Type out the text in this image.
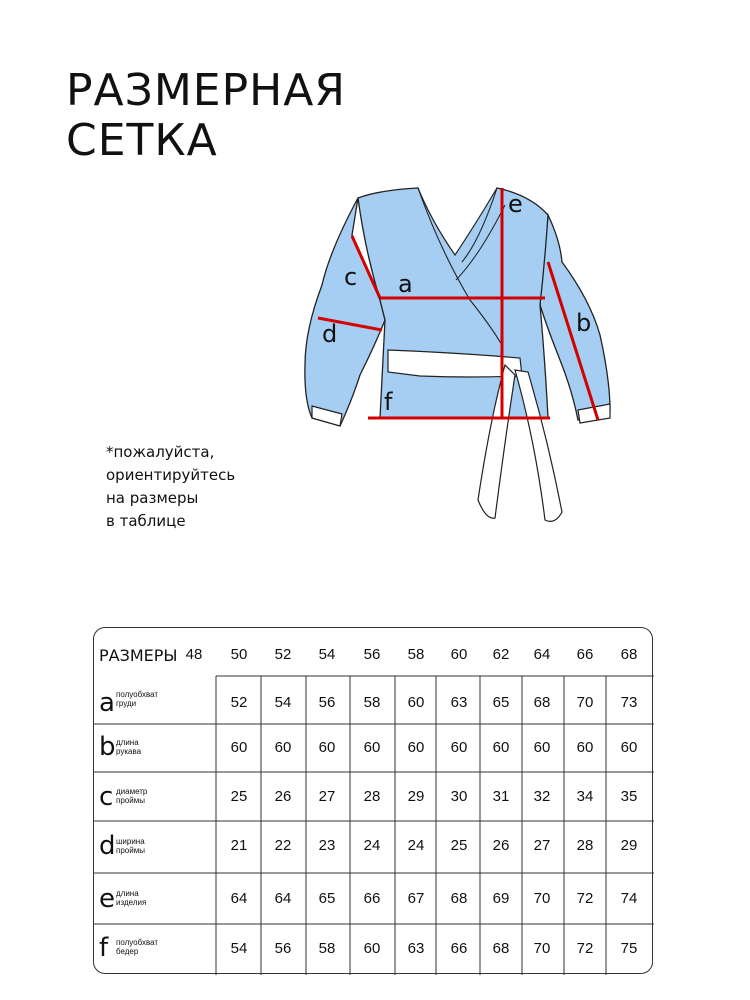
РАЗМЕРНАЯ
СЕТКА
e
a
c
d	b
f
*пожалуйста,
ориентируйтесь
на размеры
в таблице
РАЗМЕРЫ 48	50	52	54	56	58	60	62	64	66	68
a полуобхват
груди	52	54	56	58	60	63	65	68	70	73
b длина
рукава	60	60	60	60	60	60	60	60	60	60
c диаметр
проймы	25	26	27	28	29	30	31	32	34	35
d ширина
проймы	21	22	23	24	24	25	26	27	28	29
e длина
изделия	64	64	65	66	67	68	69	70	72	74
f полуобхват
бедер	54	56	58	60	63	66	68	70	72	75
